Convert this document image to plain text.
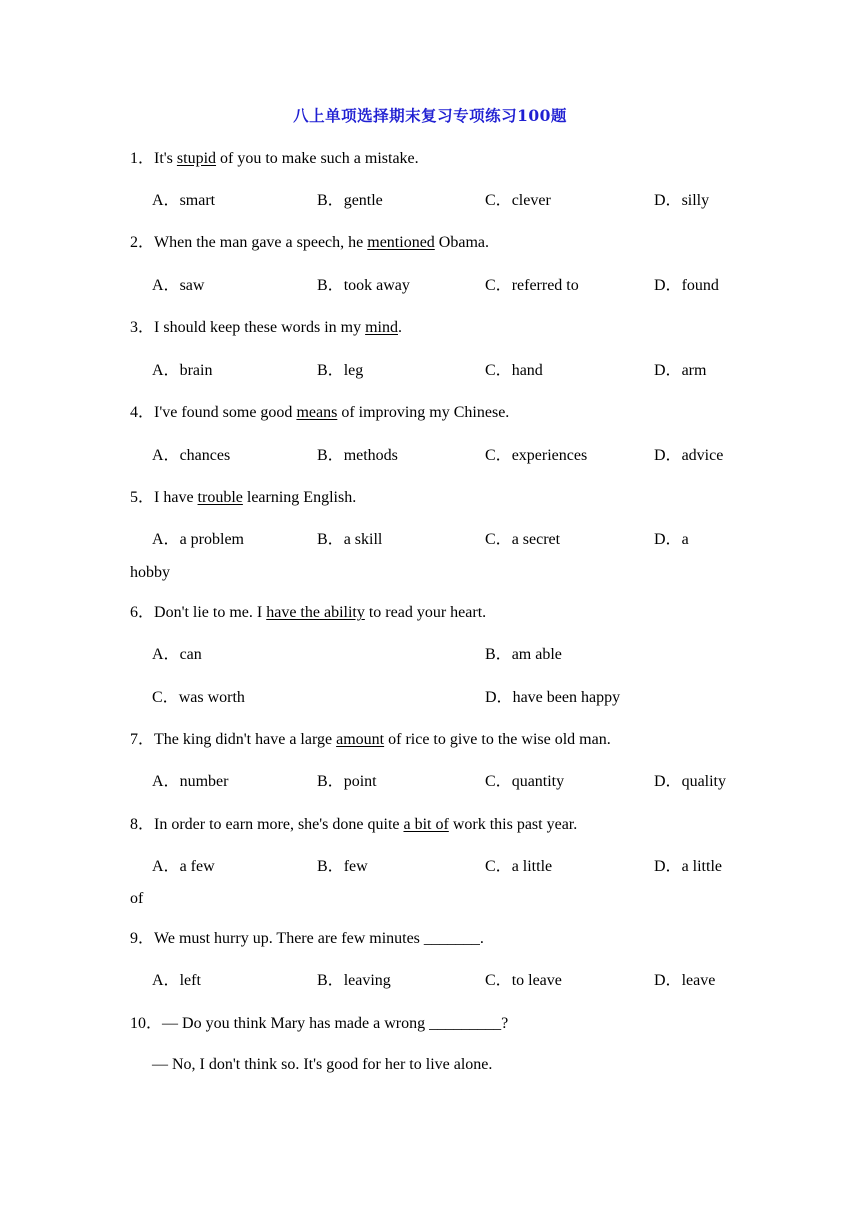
八上单项选择期末复习专项练习100题
1．It's stupid of you to make such a mistake.
A．smart	B．gentle	C．clever	D．silly
2．When the man gave a speech, he mentioned Obama.
A．saw	B．took away	C．referred to	D．found
3．I should keep these words in my mind.
A．brain	B．leg	C．hand	D．arm
4．I've found some good means of improving my Chinese.
A．chances	B．methods	C．experiences	D．advice
5．I have trouble learning English.
A．a problem	B．a skill	C．a secret	D．a
hobby
6．Don't lie to me. I have the ability to read your heart.
A．can	B．am able
C．was worth	D．have been happy
7．The king didn't have a large amount of rice to give to the wise old man.
A．number	B．point	C．quantity	D．quality
8．In order to earn more, she's done quite a bit of work this past year.
A．a few	B．few	C．a little	D．a little
of
9．We must hurry up. There are few minutes _______.
A．left	B．leaving	C．to leave	D．leave
10．— Do you think Mary has made a wrong _________?
— No, I don't think so. It's good for her to live alone.
